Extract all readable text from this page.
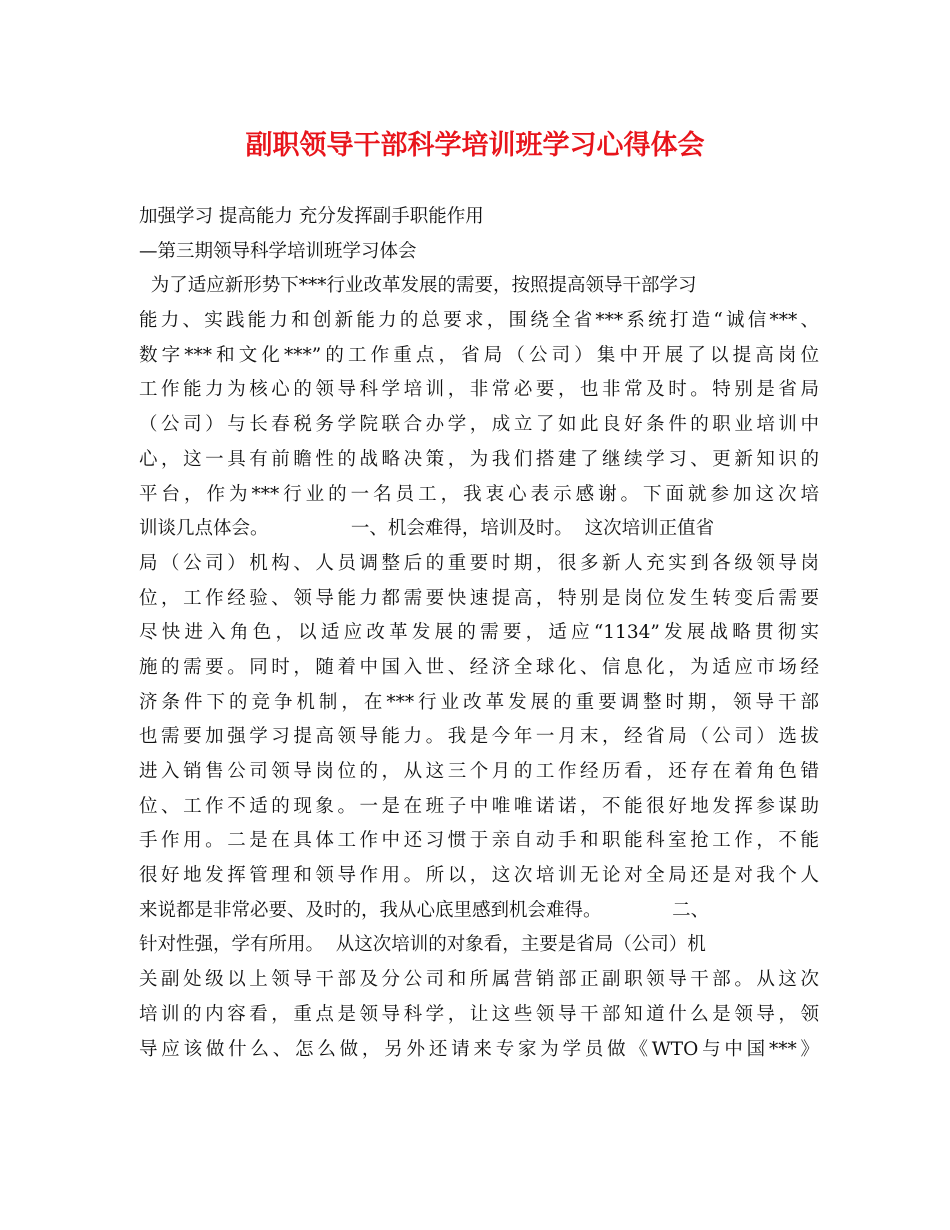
副职领导干部科学培训班学习心得体会
加强学习 提高能力 充分发挥副手职能作用
—第三期领导科学培训班学习体会
为了适应新形势下***行业改革发展的需要，按照提高领导干部学习
能力、实践能力和创新能力的总要求，围绕全省***系统打造“诚信***、
数字***和文化***”的工作重点，省局（公司）集中开展了以提高岗位
工作能力为核心的领导科学培训，非常必要，也非常及时。特别是省局
（公司）与长春税务学院联合办学，成立了如此良好条件的职业培训中
心，这一具有前瞻性的战略决策，为我们搭建了继续学习、更新知识的
平台，作为***行业的一名员工，我衷心表示感谢。下面就参加这次培
训谈几点体会。              一、机会难得，培训及时。  这次培训正值省
局（公司）机构、人员调整后的重要时期，很多新人充实到各级领导岗
位，工作经验、领导能力都需要快速提高，特别是岗位发生转变后需要
尽快进入角色，以适应改革发展的需要，适应“1134”发展战略贯彻实
施的需要。同时，随着中国入世、经济全球化、信息化，为适应市场经
济条件下的竞争机制，在***行业改革发展的重要调整时期，领导干部
也需要加强学习提高领导能力。我是今年一月末，经省局（公司）选拔
进入销售公司领导岗位的，从这三个月的工作经历看，还存在着角色错
位、工作不适的现象。一是在班子中唯唯诺诺，不能很好地发挥参谋助
手作用。二是在具体工作中还习惯于亲自动手和职能科室抢工作，不能
很好地发挥管理和领导作用。所以，这次培训无论对全局还是对我个人
来说都是非常必要、及时的，我从心底里感到机会难得。            二、
针对性强，学有所用。  从这次培训的对象看，主要是省局（公司）机
关副处级以上领导干部及分公司和所属营销部正副职领导干部。从这次
培训的内容看，重点是领导科学，让这些领导干部知道什么是领导，领
导应该做什么、怎么做，另外还请来专家为学员做《WTO与中国***》
